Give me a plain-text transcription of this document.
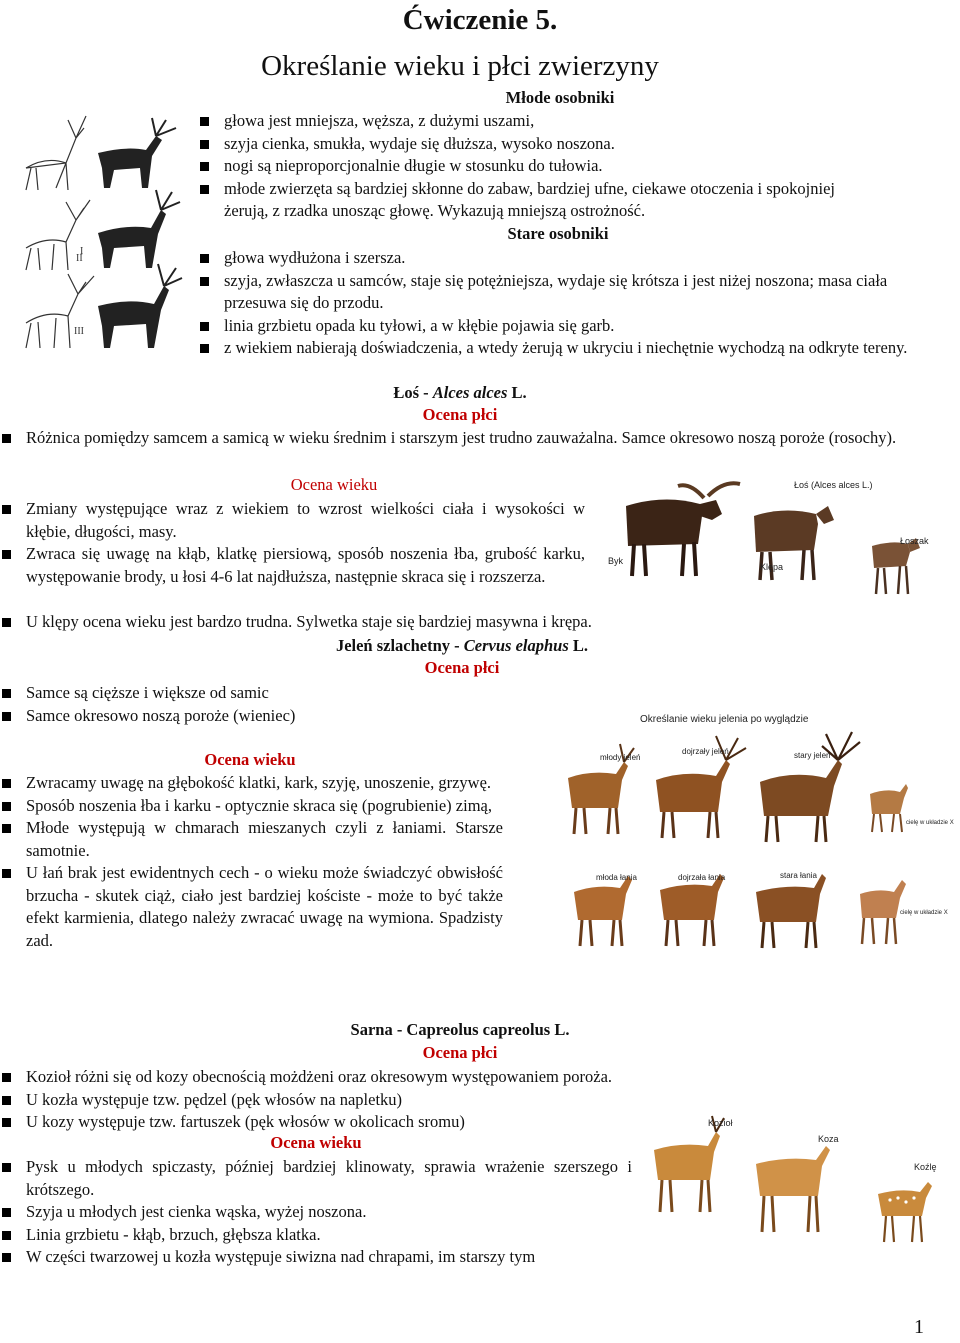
Ćwiczenie 5.
Określanie wieku i płci zwierzyny
I
II
III
Młode osobniki
głowa jest mniejsza, węższa, z dużymi uszami,
szyja cienka, smukła, wydaje się dłuższa, wysoko noszona.
nogi są nieproporcjonalnie długie w stosunku do tułowia.
młode zwierzęta są bardziej skłonne do zabaw, bardziej ufne, ciekawe otoczenia i spokojniej żerują, z rzadka unosząc głowę. Wykazują mniejszą ostrożność.
Stare osobniki
głowa wydłużona i szersza.
szyja, zwłaszcza u samców, staje się potężniejsza, wydaje się krótsza i jest niżej noszona; masa ciała przesuwa się do przodu.
linia grzbietu opada ku tyłowi, a w kłębie pojawia się garb.
z wiekiem nabierają doświadczenia, a wtedy żerują w ukryciu i niechętnie wychodzą na odkryte tereny.
Łoś - Alces alces L.
Ocena płci
Różnica pomiędzy samcem a samicą w wieku średnim i starszym jest trudno zauważalna. Samce okresowo noszą poroże (rosochy).
Ocena wieku
Zmiany występujące wraz z wiekiem to wzrost wielkości ciała i wysokości w kłębie, długości, masy.
Zwraca się uwagę na kłąb, klatkę piersiową, sposób noszenia łba, grubość karku, występowanie brody, u łosi 4-6 lat najdłuższa, następnie skraca się i rozszerza.
U klępy ocena wieku jest bardzo trudna. Sylwetka staje się bardziej masywna i krępa.
Łoś (Alces alces L.)
Byk
Klępa
Łoszak
Jeleń szlachetny - Cervus elaphus L.
Ocena płci
Samce są cięższe i większe od samic
Samce okresowo noszą poroże (wieniec)
Ocena wieku
Zwracamy uwagę na głębokość klatki, kark, szyję, unoszenie, grzywę.
Sposób noszenia łba i karku - optycznie skraca się (pogrubienie) zimą,
Młode występują w chmarach mieszanych czyli z łaniami. Starsze samotnie.
U łań brak jest ewidentnych cech - o wieku może świadczyć obwisłość brzucha - skutek ciąż, ciało jest bardziej kościste - może to być także efekt karmienia, dlatego należy zwracać uwagę na wymiona. Spadzisty zad.
Określanie wieku jelenia po wyglądzie
młody jeleń
dojrzały jeleń	stary jeleń
cielę w układzie X
młoda łania	dojrzała łania	stara łania
cielę w układzie X
Sarna - Capreolus capreolus L.
Ocena płci
Kozioł różni się od kozy obecnością możdżeni oraz okresowym występowaniem poroża.
U kozła występuje tzw. pędzel (pęk włosów na napletku)
U kozy występuje tzw. fartuszek (pęk włosów w okolicach sromu)
Ocena wieku
Pysk u młodych spiczasty, później bardziej klinowaty, sprawia wrażenie szerszego i krótszego.
Szyja u młodych jest cienka wąska, wyżej noszona.
Linia grzbietu - kłąb, brzuch, głębsza klatka.
W części twarzowej u kozła występuje siwizna nad chrapami, im starszy tym
Kozioł
Koza
Koźlę
1
